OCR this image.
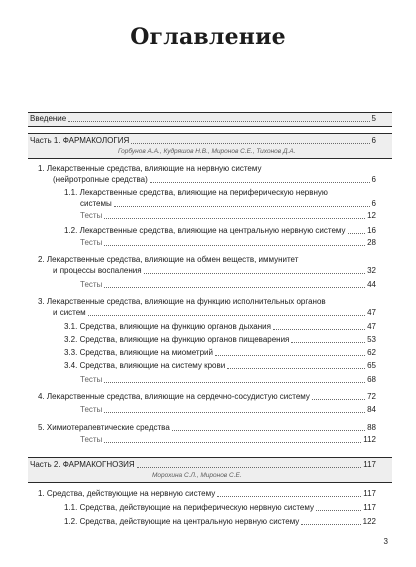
Оглавление
Введение	5
Часть 1. ФАРМАКОЛОГИЯ	6
Горбунов А.А., Кудряшов Н.В., Миронов С.Е., Тихонов Д.А.
1. Лекарственные средства, влияющие на нервную систему
(нейротропные средства)	6
1.1. Лекарственные средства, влияющие на периферическую нервную
системы	6
Тесты	12
1.2. Лекарственные средства, влияющие на центральную нервную систему	16
Тесты	28
2. Лекарственные средства, влияющие на обмен веществ, иммунитет
и процессы воспаления	32
Тесты	44
3. Лекарственные средства, влияющие на функцию исполнительных органов
и систем	47
3.1. Средства, влияющие на функцию органов дыхания	47
3.2. Средства, влияющие на функцию органов пищеварения	53
3.3. Средства, влияющие на миометрий	62
3.4. Средства, влияющие на систему крови	65
Тесты	68
4. Лекарственные средства, влияющие на сердечно-сосудистую систему	72
Тесты	84
5. Химиотерапевтические средства	88
Тесты	112
Часть 2. ФАРМАКОГНОЗИЯ	117
Морохина С.Л., Миронов С.Е.
1. Средства, действующие на нервную систему	117
1.1. Средства, действующие на периферическую нервную систему	117
1.2. Средства, действующие на центральную нервную систему	122
3
